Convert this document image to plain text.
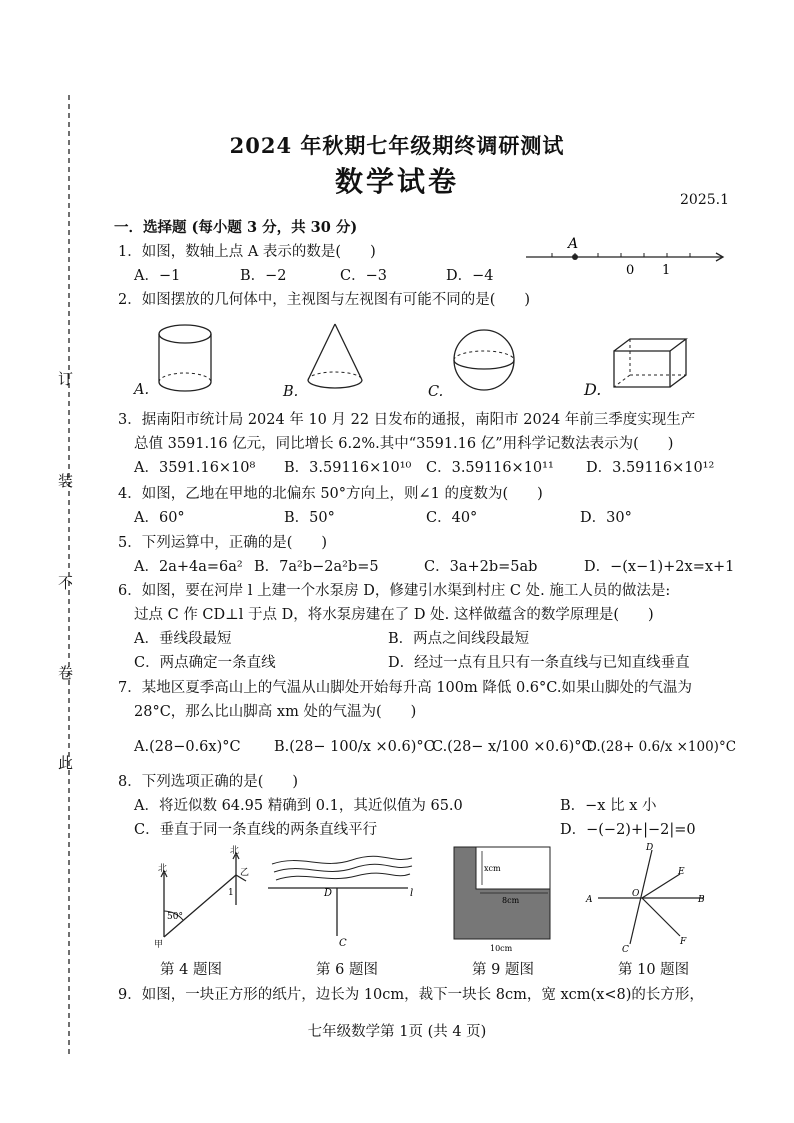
订
装
不
卷
此
2024 年秋期七年级期终调研测试
数学试卷
2025.1
一．选择题 (每小题 3 分，共 30 分)
1．如图，数轴上点 A 表示的数是(　　)
A．−1	B．−2	C．−3	D．−4
A
0 1
2．如图摆放的几何体中，主视图与左视图有可能不同的是(　　)
A.	B.	C.	D.
3．据南阳市统计局 2024 年 10 月 22 日发布的通报，南阳市 2024 年前三季度实现生产
总值 3591.16 亿元，同比增长 6.2%.其中“3591.16 亿”用科学记数法表示为(　　)
A．3591.16×10⁸ B．3.59116×10¹⁰ C．3.59116×10¹¹ D．3.59116×10¹²
4．如图，乙地在甲地的北偏东 50°方向上，则∠1 的度数为(　　)
A．60°	B．50°	C．40°	D．30°
5．下列运算中，正确的是(　　)
A．2a+4a=6a² B．7a²b−2a²b=5	C．3a+2b=5ab	D．−(x−1)+2x=x+1
6．如图，要在河岸 l 上建一个水泵房 D，修建引水渠到村庄 C 处. 施工人员的做法是:
过点 C 作 CD⊥l 于点 D，将水泵房建在了 D 处. 这样做蕴含的数学原理是(　　)
A．垂线段最短	B．两点之间线段最短
C．两点确定一条直线	D．经过一点有且只有一条直线与已知直线垂直
7．某地区夏季高山上的气温从山脚处开始每升高 100m 降低 0.6°C.如果山脚处的气温为
28°C，那么比山脚高 xm 处的气温为(　　)
A.(28−0.6x)°C B.(28− 100/x ×0.6)°C
C.(28− x/100 ×0.6)°C
D.(28+ 0.6/x ×100)°C
8．下列选项正确的是(　　)
A．将近似数 64.95 精确到 0.1，其近似值为 65.0	B．−x 比 x 小
C．垂直于同一条直线的两条直线平行	D．−(−2)+|−2|=0
北
北
50°
1
乙
甲
第 4 题图
D	l
C
第 6 题图
xcm
8cm
10cm
第 9 题图
D
E
A
O
B
C
F
第 10 题图
9．如图，一块正方形的纸片，边长为 10cm，裁下一块长 8cm，宽 xcm(x<8)的长方形，
七年级数学第 1页 (共 4 页)
